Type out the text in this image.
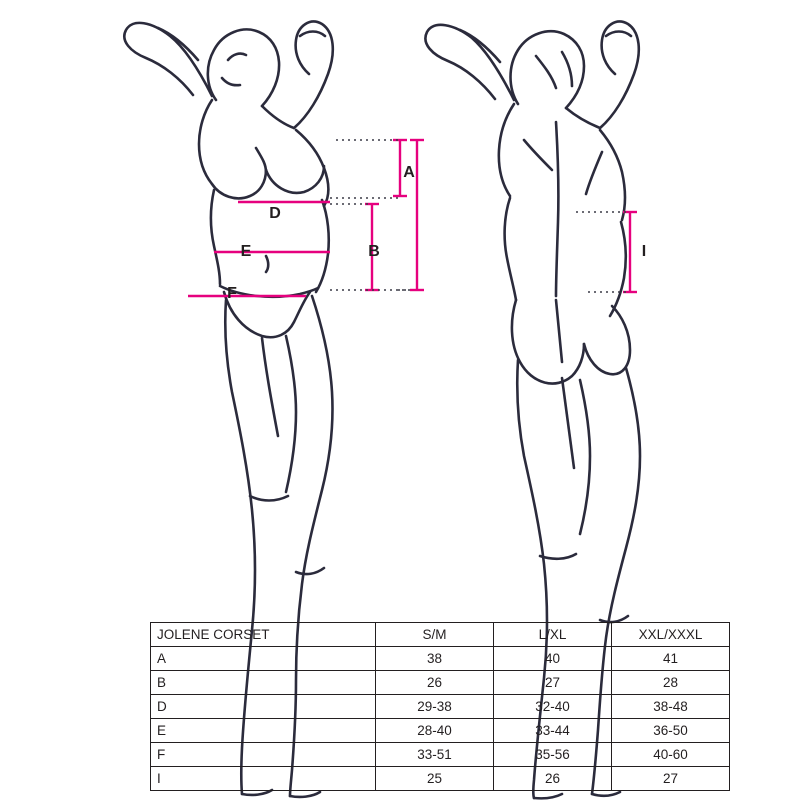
A
B
D
E
F
I
JOLENE CORSET	S/M	L/XL	XXL/XXXL
A	38	40	41
B	26	27	28
D	29-38	32-40	38-48
E	28-40	33-44	36-50
F	33-51	35-56	40-60
I	25	26	27
